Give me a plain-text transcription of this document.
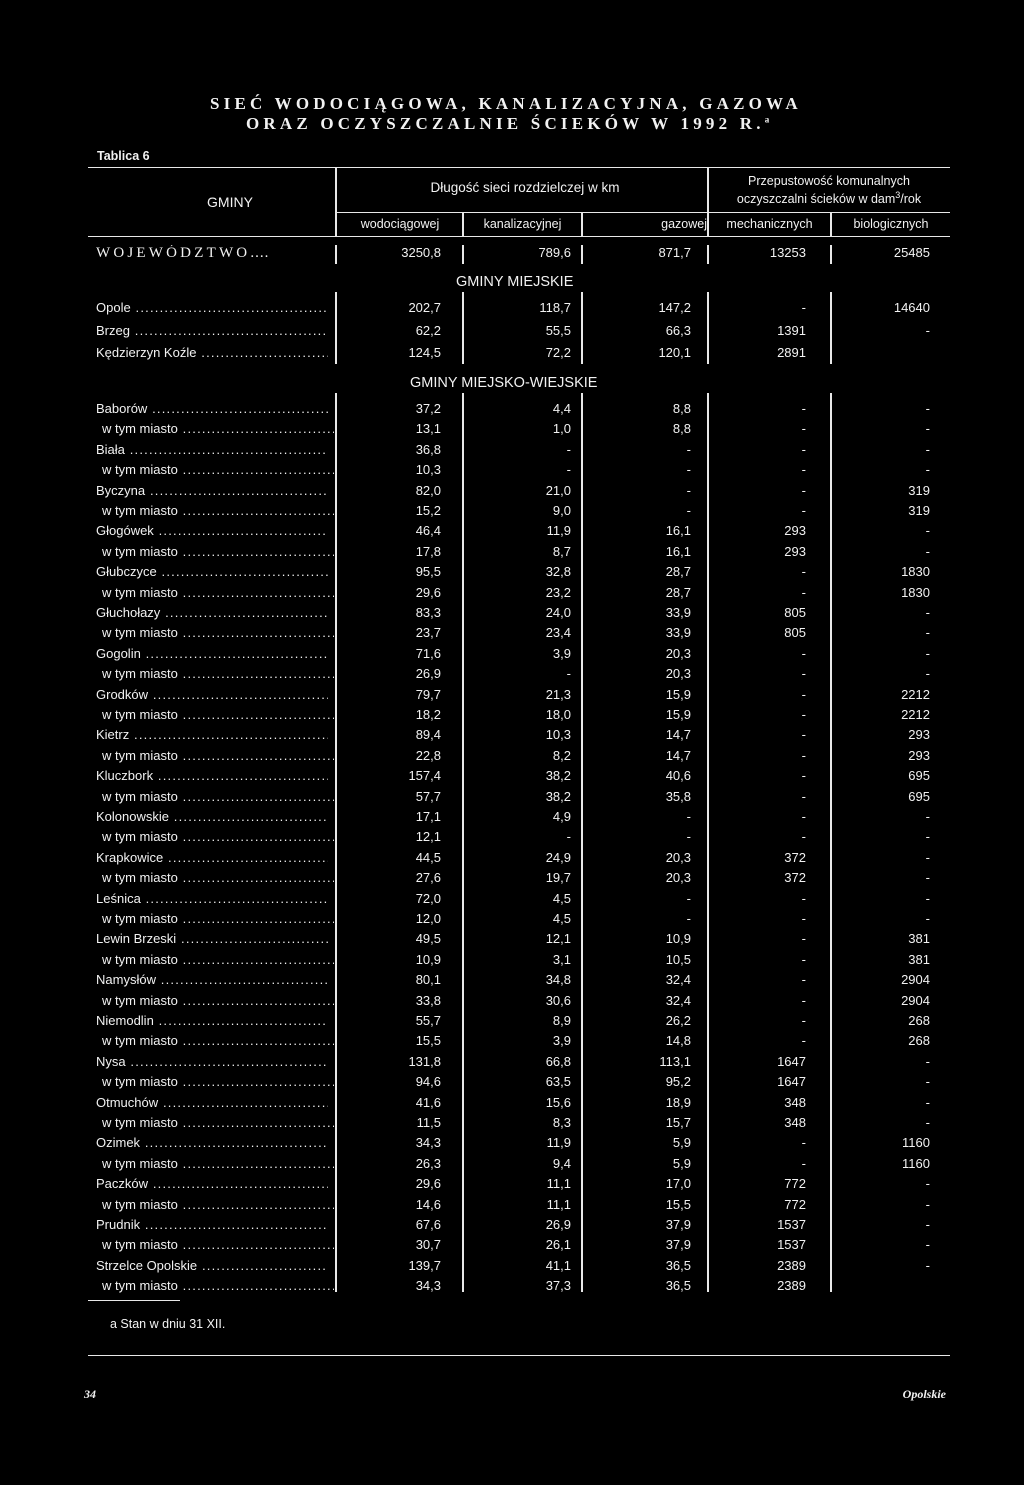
SIEĆ WODOCIĄGOWA, KANALIZACYJNA, GAZOWA
ORAZ OCZYSZCZALNIE ŚCIEKÓW W 1992 R.$^a$
Tablica 6
GMINY
Długość sieci rozdzielczej w km	Przepustowość komunalnych
oczyszczalni ścieków w dam$^3$/rok
wodociągowej	kanalizacyjnej	gazowej	mechanicznych	biologicznych
WOJEWÓDZTWO ....	3250,8	789,6	871,7	13253	25485
GMINY MIEJSKIE
GMINY MIEJSKO-WIEJSKIE
Opole .....	202,7	118,7	147,2	-	14640
Brzeg .....	62,2	55,5	66,3	1391	-
Kędzierzyn Koźle .....	124,5	72,2	120,1	2891
Baborów .....	37,2	4,4	8,8	-	-
w tym miasto .....	13,1	1,0	8,8	-	-
Biała .....	36,8	-	-	-	-
w tym miasto .....	10,3	-	-	-	-
Byczyna .....	82,0	21,0	-	-	319
w tym miasto .....	15,2	9,0	-	-	319
Głogówek .....	46,4	11,9	16,1	293	-
w tym miasto .....	17,8	8,7	16,1	293	-
Głubczyce .....	95,5	32,8	28,7	-	1830
w tym miasto .....	29,6	23,2	28,7	-	1830
Głuchołazy .....	83,3	24,0	33,9	805	-
w tym miasto .....	23,7	23,4	33,9	805	-
Gogolin .....	71,6	3,9	20,3	-	-
w tym miasto .....	26,9	-	20,3	-	-
Grodków .....	79,7	21,3	15,9	-	2212
w tym miasto .....	18,2	18,0	15,9	-	2212
Kietrz .....	89,4	10,3	14,7	-	293
w tym miasto .....	22,8	8,2	14,7	-	293
Kluczbork .....	157,4	38,2	40,6	-	695
w tym miasto .....	57,7	38,2	35,8	-	695
Kolonowskie .....	17,1	4,9	-	-	-
w tym miasto .....	12,1	-	-	-	-
Krapkowice .....	44,5	24,9	20,3	372	-
w tym miasto .....	27,6	19,7	20,3	372	-
Leśnica .....	72,0	4,5	-	-	-
w tym miasto .....	12,0	4,5	-	-	-
Lewin Brzeski .....	49,5	12,1	10,9	-	381
w tym miasto .....	10,9	3,1	10,5	-	381
Namysłów .....	80,1	34,8	32,4	-	2904
w tym miasto .....	33,8	30,6	32,4	-	2904
Niemodlin .....	55,7	8,9	26,2	-	268
w tym miasto .....	15,5	3,9	14,8	-	268
Nysa .....	131,8	66,8	113,1	1647	-
w tym miasto .....	94,6	63,5	95,2	1647	-
Otmuchów .....	41,6	15,6	18,9	348	-
w tym miasto .....	11,5	8,3	15,7	348	-
Ozimek .....	34,3	11,9	5,9	-	1160
w tym miasto .....	26,3	9,4	5,9	-	1160
Paczków .....	29,6	11,1	17,0	772	-
w tym miasto .....	14,6	11,1	15,5	772	-
Prudnik .....	67,6	26,9	37,9	1537	-
w tym miasto .....	30,7	26,1	37,9	1537	-
Strzelce Opolskie .....	139,7	41,1	36,5	2389	-
w tym miasto .....	34,3	37,3	36,5	2389
a Stan w dniu 31 XII.
34	Opolskie
